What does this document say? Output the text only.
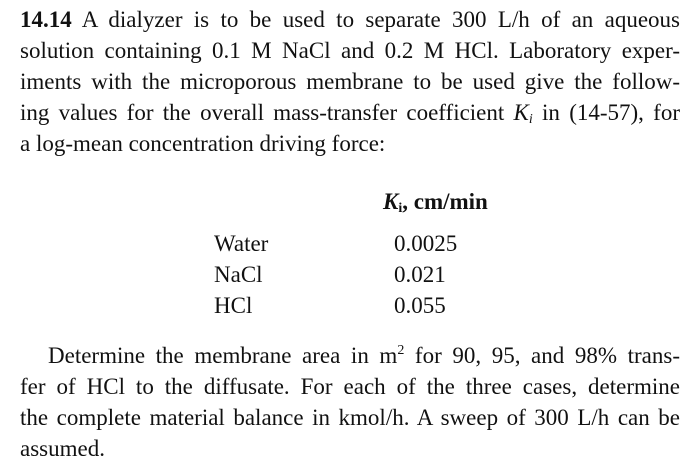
14.14 A dialyzer is to be used to separate 300 L/h of an aqueous
solution containing 0.1 M NaCl and 0.2 M HCl. Laboratory exper-
iments with the microporous membrane to be used give the follow-
ing values for the overall mass-transfer coefficient $K_i$ in (14-57), for
a log-mean concentration driving force:
$K_i$, cm/min
Water	0.0025
NaCl	0.021
HCl	0.055
Determine the membrane area in $m^2$ for 90, 95, and 98% trans-
fer of HCl to the diffusate. For each of the three cases, determine
the complete material balance in kmol/h. A sweep of 300 L/h can be
assumed.
